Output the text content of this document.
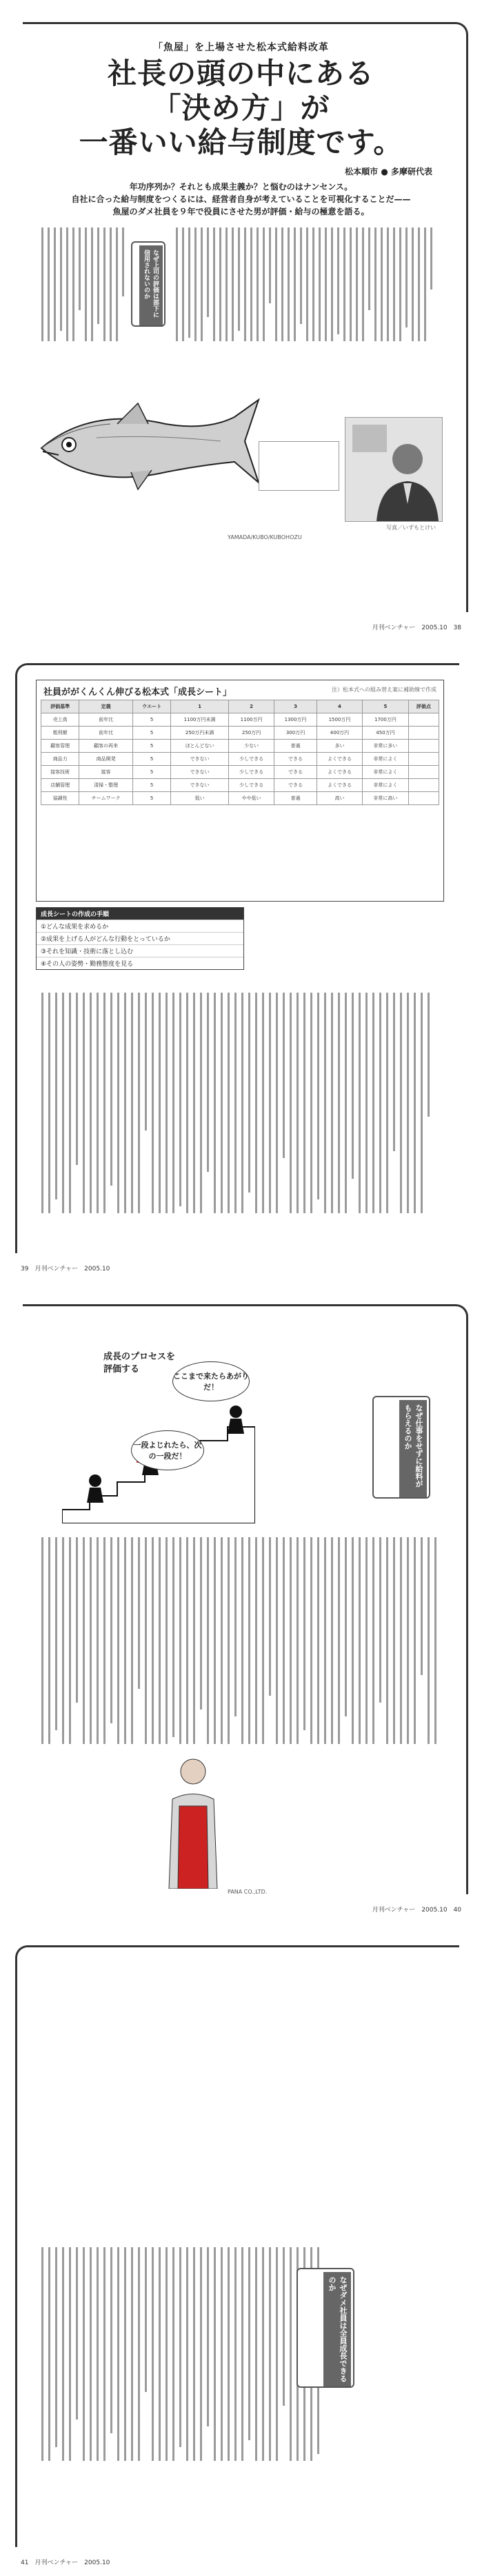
「魚屋」を上場させた松本式給料改革
社長の頭の中にある
「決め方」が
一番いい給与制度です。
松本順市 ● 多摩研代表
年功序列か？それとも成果主義か？と悩むのはナンセンス。
自社に合った給与制度をつくるには、経営者自身が考えていることを可視化することだ——
魚屋のダメ社員を９年で役員にさせた男が評価・給与の極意を語る。
なぜ上司の評価は部下に信用されないのか
写真／いずもとけい
YAMADA/KUBO/KUBOHOZU
月刊ベンチャー　2005.10　38
社員ががくんくん伸びる松本式「成長シート」	注）松本式への組み替え案に補助線で作成
評価基準	定義	ウエート	1	2	3	4	5	評価点
売上高	前年比	5	1100万円未満	1100万円	1300万円	1500万円	1700万円	
粗利額	前年比	5	250万円未満	250万円	300万円	400万円	450万円	
顧客管理	顧客の再来	5	ほとんどない	少ない	普通	多い	非常に多い	
商品力	商品開発	5	できない	少しできる	できる	よくできる	非常によく	
接客技術	接客	5	できない	少しできる	できる	よくできる	非常によく	
店舗管理	清掃・整理	5	できない	少しできる	できる	よくできる	非常によく	
協調性	チームワーク	5	低い	やや低い	普通	高い	非常に高い	
成長シートの作成の手順
①どんな成果を求めるか
②成果を上げる人がどんな行動をとっているか
③それを知識・技術に落とし込む
④その人の姿勢・勤務態度を見る
39　月刊ベンチャー　2005.10
成長のプロセスを
評価する
ここまで来たらあがりだ！
一段よじれたら、次の一段だ！	なぜ仕事をせずに給料がもらえるのか
PANA CO.,LTD.
月刊ベンチャー　2005.10　40
なぜダメ社員は全員成長できるのか
41　月刊ベンチャー　2005.10
